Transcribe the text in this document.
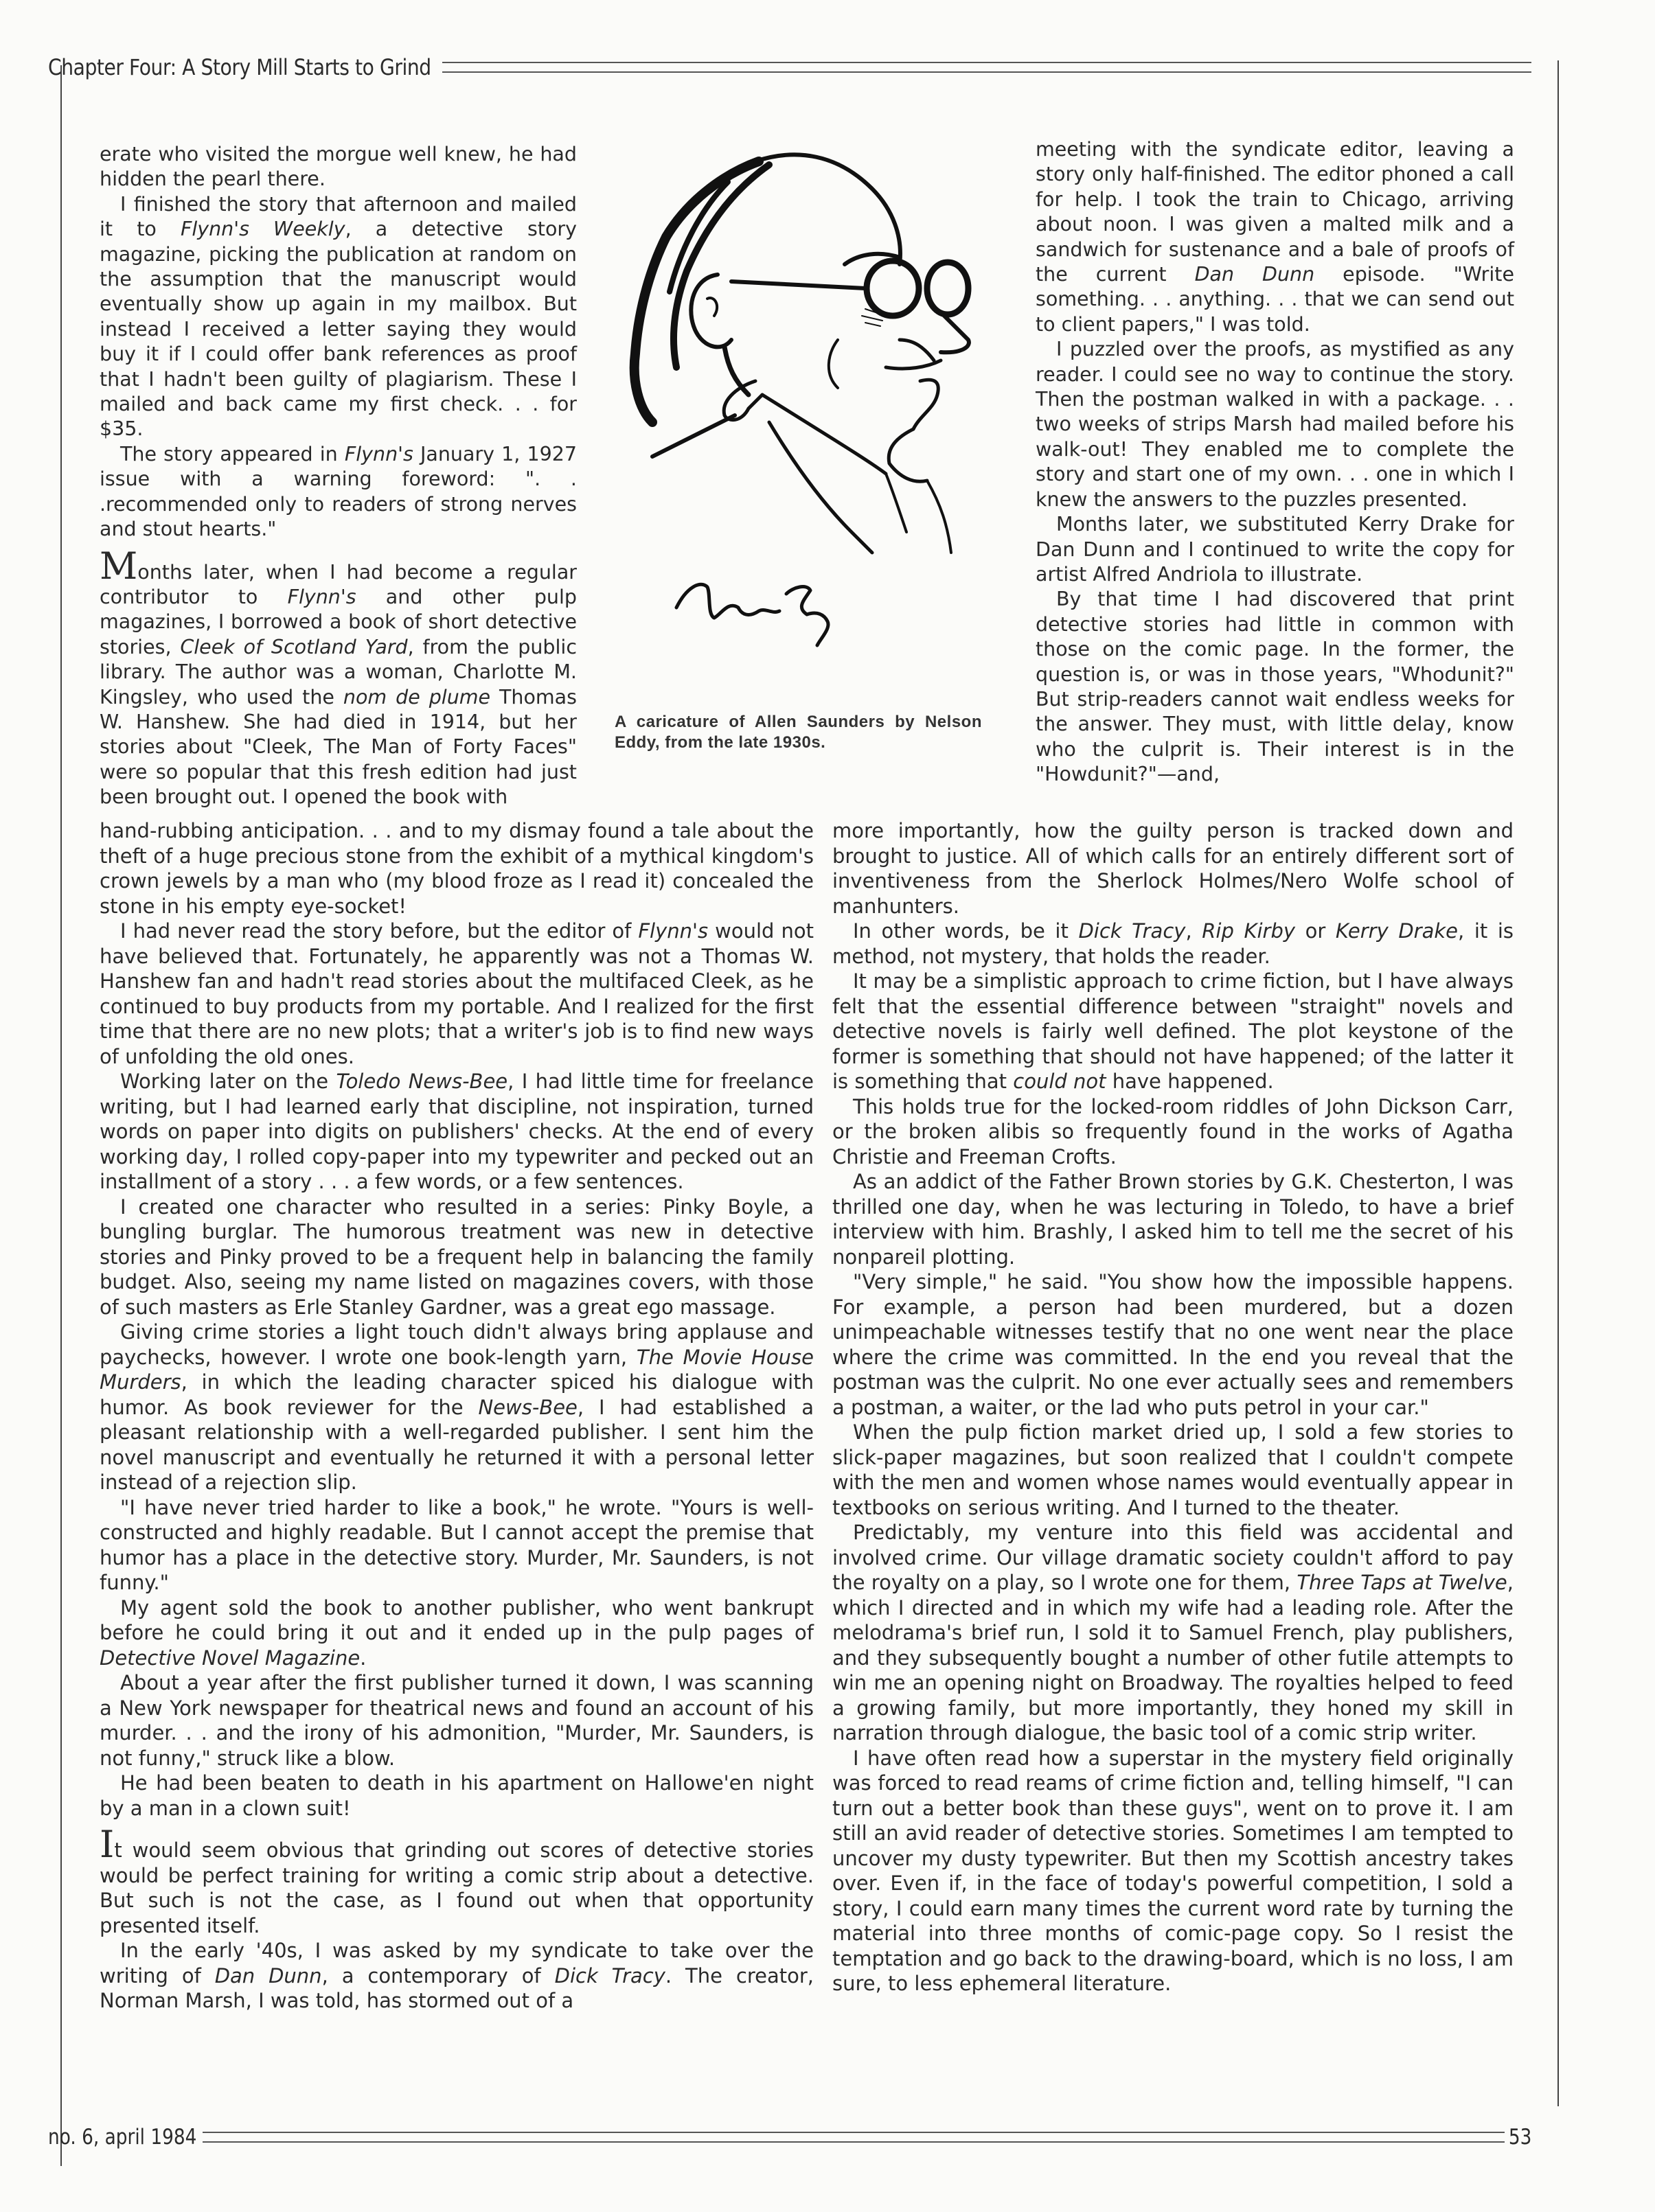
Chapter Four: A Story Mill Starts to Grind

erate who visited the morgue well knew, he had hidden the pearl there.

I finished the story that afternoon and mailed it to Flynn's Weekly, a detective story magazine, picking the publication at random on the assumption that the manuscript would eventually show up again in my mailbox. But instead I received a letter saying they would buy it if I could offer bank references as proof that I hadn't been guilty of plagiarism. These I mailed and back came my first check. . . for $35.

The story appeared in Flynn's January 1, 1927 issue with a warning foreword: ". . .recommended only to readers of strong nerves and stout hearts."

Months later, when I had become a regular contributor to Flynn's and other pulp magazines, I borrowed a book of short detective stories, Cleek of Scotland Yard, from the public library. The author was a woman, Charlotte M. Kingsley, who used the nom de plume Thomas W. Hanshew. She had died in 1914, but her stories about "Cleek, The Man of Forty Faces" were so popular that this fresh edition had just been brought out. I opened the book with

A caricature of Allen Saunders by Nelson Eddy, from the late 1930s.

hand-rubbing anticipation. . . and to my dismay found a tale about the theft of a huge precious stone from the exhibit of a mythical kingdom's crown jewels by a man who (my blood froze as I read it) concealed the stone in his empty eye-socket!

I had never read the story before, but the editor of Flynn's would not have believed that. Fortunately, he apparently was not a Thomas W. Hanshew fan and hadn't read stories about the multifaced Cleek, as he continued to buy products from my portable. And I realized for the first time that there are no new plots; that a writer's job is to find new ways of unfolding the old ones.

Working later on the Toledo News-Bee, I had little time for freelance writing, but I had learned early that discipline, not inspiration, turned words on paper into digits on publishers' checks. At the end of every working day, I rolled copy-paper into my typewriter and pecked out an installment of a story . . . a few words, or a few sentences.

I created one character who resulted in a series: Pinky Boyle, a bungling burglar. The humorous treatment was new in detective stories and Pinky proved to be a frequent help in balancing the family budget. Also, seeing my name listed on magazines covers, with those of such masters as Erle Stanley Gardner, was a great ego massage.

Giving crime stories a light touch didn't always bring applause and paychecks, however. I wrote one book-length yarn, The Movie House Murders, in which the leading character spiced his dialogue with humor. As book reviewer for the News-Bee, I had established a pleasant relationship with a well-regarded publisher. I sent him the novel manuscript and eventually he returned it with a personal letter instead of a rejection slip.

"I have never tried harder to like a book," he wrote. "Yours is well-constructed and highly readable. But I cannot accept the premise that humor has a place in the detective story. Murder, Mr. Saunders, is not funny."

My agent sold the book to another publisher, who went bankrupt before he could bring it out and it ended up in the pulp pages of Detective Novel Magazine.

About a year after the first publisher turned it down, I was scanning a New York newspaper for theatrical news and found an account of his murder. . . and the irony of his admonition, "Murder, Mr. Saunders, is not funny," struck like a blow.

He had been beaten to death in his apartment on Hallowe'en night by a man in a clown suit!

It would seem obvious that grinding out scores of detective stories would be perfect training for writing a comic strip about a detective. But such is not the case, as I found out when that opportunity presented itself.

In the early '40s, I was asked by my syndicate to take over the writing of Dan Dunn, a contemporary of Dick Tracy. The creator, Norman Marsh, I was told, has stormed out of a

meeting with the syndicate editor, leaving a story only half-finished. The editor phoned a call for help. I took the train to Chicago, arriving about noon. I was given a malted milk and a sandwich for sustenance and a bale of proofs of the current Dan Dunn episode. "Write something. . . anything. . . that we can send out to client papers," I was told.

I puzzled over the proofs, as mystified as any reader. I could see no way to continue the story. Then the postman walked in with a package. . . two weeks of strips Marsh had mailed before his walk-out! They enabled me to complete the story and start one of my own. . . one in which I knew the answers to the puzzles presented.

Months later, we substituted Kerry Drake for Dan Dunn and I continued to write the copy for artist Alfred Andriola to illustrate.

By that time I had discovered that print detective stories had little in common with those on the comic page. In the former, the question is, or was in those years, "Whodunit?" But strip-readers cannot wait endless weeks for the answer. They must, with little delay, know who the culprit is. Their interest is in the "Howdunit?"—and,

more importantly, how the guilty person is tracked down and brought to justice. All of which calls for an entirely different sort of inventiveness from the Sherlock Holmes/Nero Wolfe school of manhunters.

In other words, be it Dick Tracy, Rip Kirby or Kerry Drake, it is method, not mystery, that holds the reader.

It may be a simplistic approach to crime fiction, but I have always felt that the essential difference between "straight" novels and detective novels is fairly well defined. The plot keystone of the former is something that should not have happened; of the latter it is something that could not have happened.

This holds true for the locked-room riddles of John Dickson Carr, or the broken alibis so frequently found in the works of Agatha Christie and Freeman Crofts.

As an addict of the Father Brown stories by G.K. Chesterton, I was thrilled one day, when he was lecturing in Toledo, to have a brief interview with him. Brashly, I asked him to tell me the secret of his nonpareil plotting.

"Very simple," he said. "You show how the impossible happens. For example, a person had been murdered, but a dozen unimpeachable witnesses testify that no one went near the place where the crime was committed. In the end you reveal that the postman was the culprit. No one ever actually sees and remembers a postman, a waiter, or the lad who puts petrol in your car."

When the pulp fiction market dried up, I sold a few stories to slick-paper magazines, but soon realized that I couldn't compete with the men and women whose names would eventually appear in textbooks on serious writing. And I turned to the theater.

Predictably, my venture into this field was accidental and involved crime. Our village dramatic society couldn't afford to pay the royalty on a play, so I wrote one for them, Three Taps at Twelve, which I directed and in which my wife had a leading role. After the melodrama's brief run, I sold it to Samuel French, play publishers, and they subsequently bought a number of other futile attempts to win me an opening night on Broadway. The royalties helped to feed a growing family, but more importantly, they honed my skill in narration through dialogue, the basic tool of a comic strip writer.

I have often read how a superstar in the mystery field originally was forced to read reams of crime fiction and, telling himself, "I can turn out a better book than these guys", went on to prove it. I am still an avid reader of detective stories. Sometimes I am tempted to uncover my dusty typewriter. But then my Scottish ancestry takes over. Even if, in the face of today's powerful competition, I sold a story, I could earn many times the current word rate by turning the material into three months of comic-page copy. So I resist the temptation and go back to the drawing-board, which is no loss, I am sure, to less ephemeral literature.

no. 6, april 1984	53
